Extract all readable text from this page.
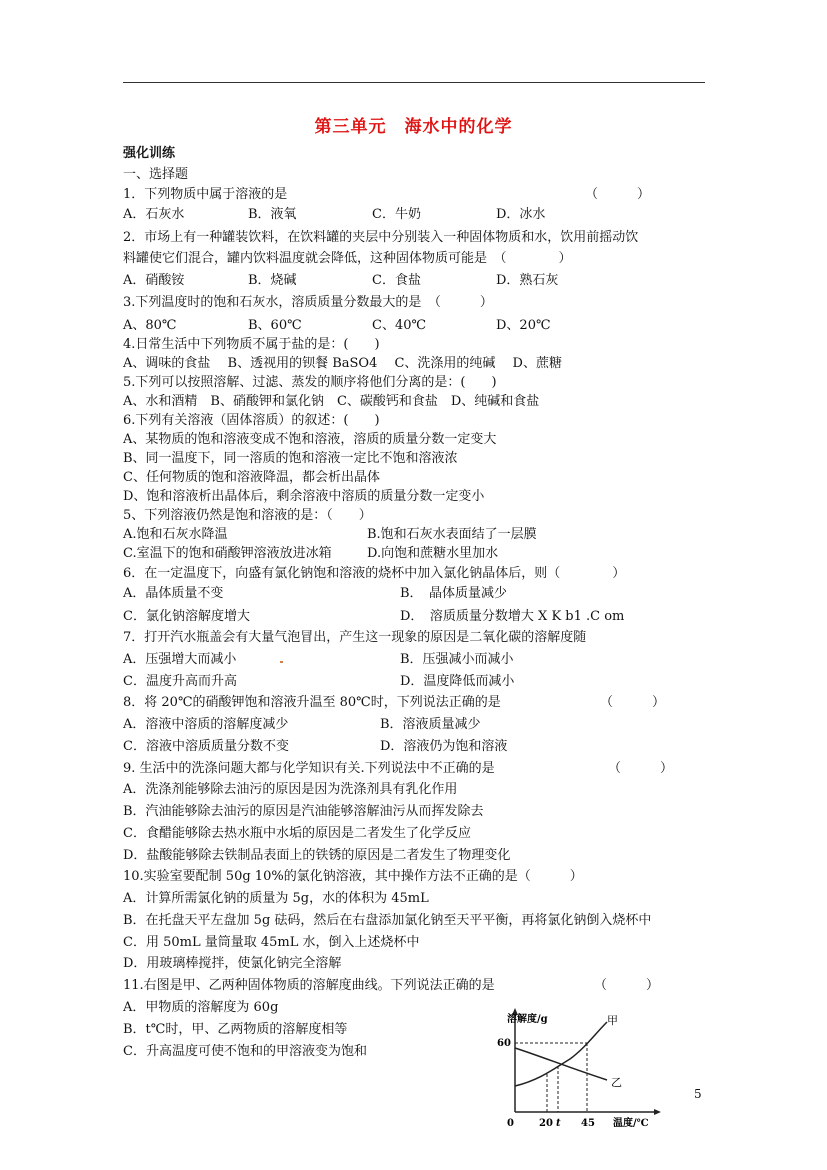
第三单元　海水中的化学
强化训练
一、选择题
1．下列物质中属于溶液的是	（　　　）
A．石灰水	B．液氧	C．牛奶	D．冰水
2．市场上有一种罐装饮料，在饮料罐的夹层中分别装入一种固体物质和水，饮用前摇动饮
料罐使它们混合，罐内饮料温度就会降低，这种固体物质可能是　（　　　　）
A．硝酸铵	B．烧碱	C．食盐	D．熟石灰
3.下列温度时的饱和石灰水，溶质质量分数最大的是　（　　　）
A、80℃	B、60℃	C、40℃	D、20℃
4.日常生活中下列物质不属于盐的是：(　　)
A、调味的食盐　 B、透视用的钡餐 BaSO4　 C、洗涤用的纯碱　 D、蔗糖
5.下列可以按照溶解、过滤、蒸发的顺序将他们分离的是：(　　)
A、水和酒精　B、硝酸钾和氯化钠　C、碳酸钙和食盐　D、纯碱和食盐
6.下列有关溶液（固体溶质）的叙述：(　　)
A、某物质的饱和溶液变成不饱和溶液，溶质的质量分数一定变大
B、同一温度下，同一溶质的饱和溶液一定比不饱和溶液浓
C、任何物质的饱和溶液降温，都会析出晶体
D、饱和溶液析出晶体后，剩余溶液中溶质的质量分数一定变小
5、下列溶液仍然是饱和溶液的是：（　　）
A.饱和石灰水降温	B.饱和石灰水表面结了一层膜
C.室温下的饱和硝酸钾溶液放进冰箱	D.向饱和蔗糖水里加水
6．在一定温度下，向盛有氯化钠饱和溶液的烧杯中加入氯化钠晶体后，则（　　　　）
A．晶体质量不变	B．　晶体质量减少
C．氯化钠溶解度增大	D．　溶质质量分数增大 X K b1 .C om
7．打开汽水瓶盖会有大量气泡冒出，产生这一现象的原因是二氧化碳的溶解度随
A．压强增大而减小	B．压强减小而减小
C．温度升高而升高	D．温度降低而减小
8．将 20℃的硝酸钾饱和溶液升温至 80℃时，下列说法正确的是	（　　　）
A．溶液中溶质的溶解度减少	B．溶液质量减少
C．溶液中溶质质量分数不变	D．溶液仍为饱和溶液
9. 生活中的洗涤问题大都与化学知识有关.下列说法中不正确的是	（　　　）
A．洗涤剂能够除去油污的原因是因为洗涤剂具有乳化作用
B．汽油能够除去油污的原因是汽油能够溶解油污从而挥发除去
C．食醋能够除去热水瓶中水垢的原因是二者发生了化学反应
D．盐酸能够除去铁制品表面上的铁锈的原因是二者发生了物理变化
10.实验室要配制 50g 10%的氯化钠溶液，其中操作方法不正确的是（　　　）
A．计算所需氯化钠的质量为 5g，水的体积为 45mL
B．在托盘天平左盘加 5g 砝码，然后在右盘添加氯化钠至天平平衡，再将氯化钠倒入烧杯中
C．用 50mL 量筒量取 45mL 水，倒入上述烧杯中
D．用玻璃棒搅拌，使氯化钠完全溶解
11.右图是甲、乙两种固体物质的溶解度曲线。下列说法正确的是	（　　　）
A．甲物质的溶解度为 60g
B．t℃时，甲、乙两物质的溶解度相等
C．升高温度可使不饱和的甲溶液变为饱和
溶解度/g
60
0	20 t 45 温度/℃
甲
乙
5
